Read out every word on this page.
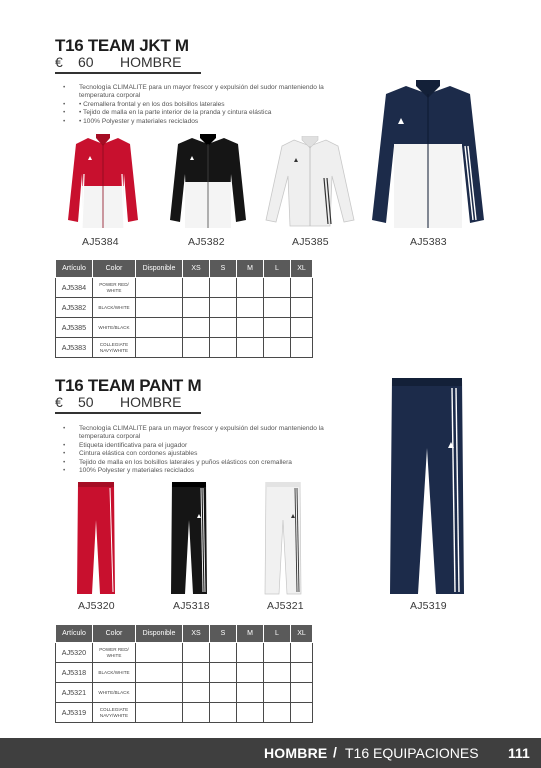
T16 TEAM JKT M
€ 60 HOMBRE
• Tecnología CLIMALITE para un mayor frescor y expulsión del sudor manteniendo la temperatura corporal
• • Cremallera frontal y en los dos bolsillos laterales
• • Tejido de malla en la parte interior de la pranda y cintura elástica
• • 100% Polyester y materiales reciclados
AJ5384	AJ5382	AJ5385	AJ5383
Artículo	Color	Disponible	XS	S	M	L	XL
AJ5384	POWER RED/ WHITE						
AJ5382	BLACK/WHITE						
AJ5385	WHITE/BLACK						
AJ5383	COLLEGIATE NAVY/WHITE						
T16 TEAM PANT M
€ 50 HOMBRE
• Tecnología CLIMALITE para un mayor frescor y expulsión del sudor manteniendo la temperatura corporal
• Etiqueta identificativa para el jugador
• Cintura elástica con cordones ajustables
• Tejido de malla en los bolsillos laterales y puños elásticos con cremallera
• 100% Polyester y materiales reciclados
AJ5320	AJ5318	AJ5321	AJ5319
Artículo	Color	Disponible	XS	S	M	L	XL
AJ5320	POWER RED/ WHITE						
AJ5318	BLACK/WHITE						
AJ5321	WHITE/BLACK						
AJ5319	COLLEGIATE NAVY/WHITE						
HOMBRE / T16 EQUIPACIONES 111
